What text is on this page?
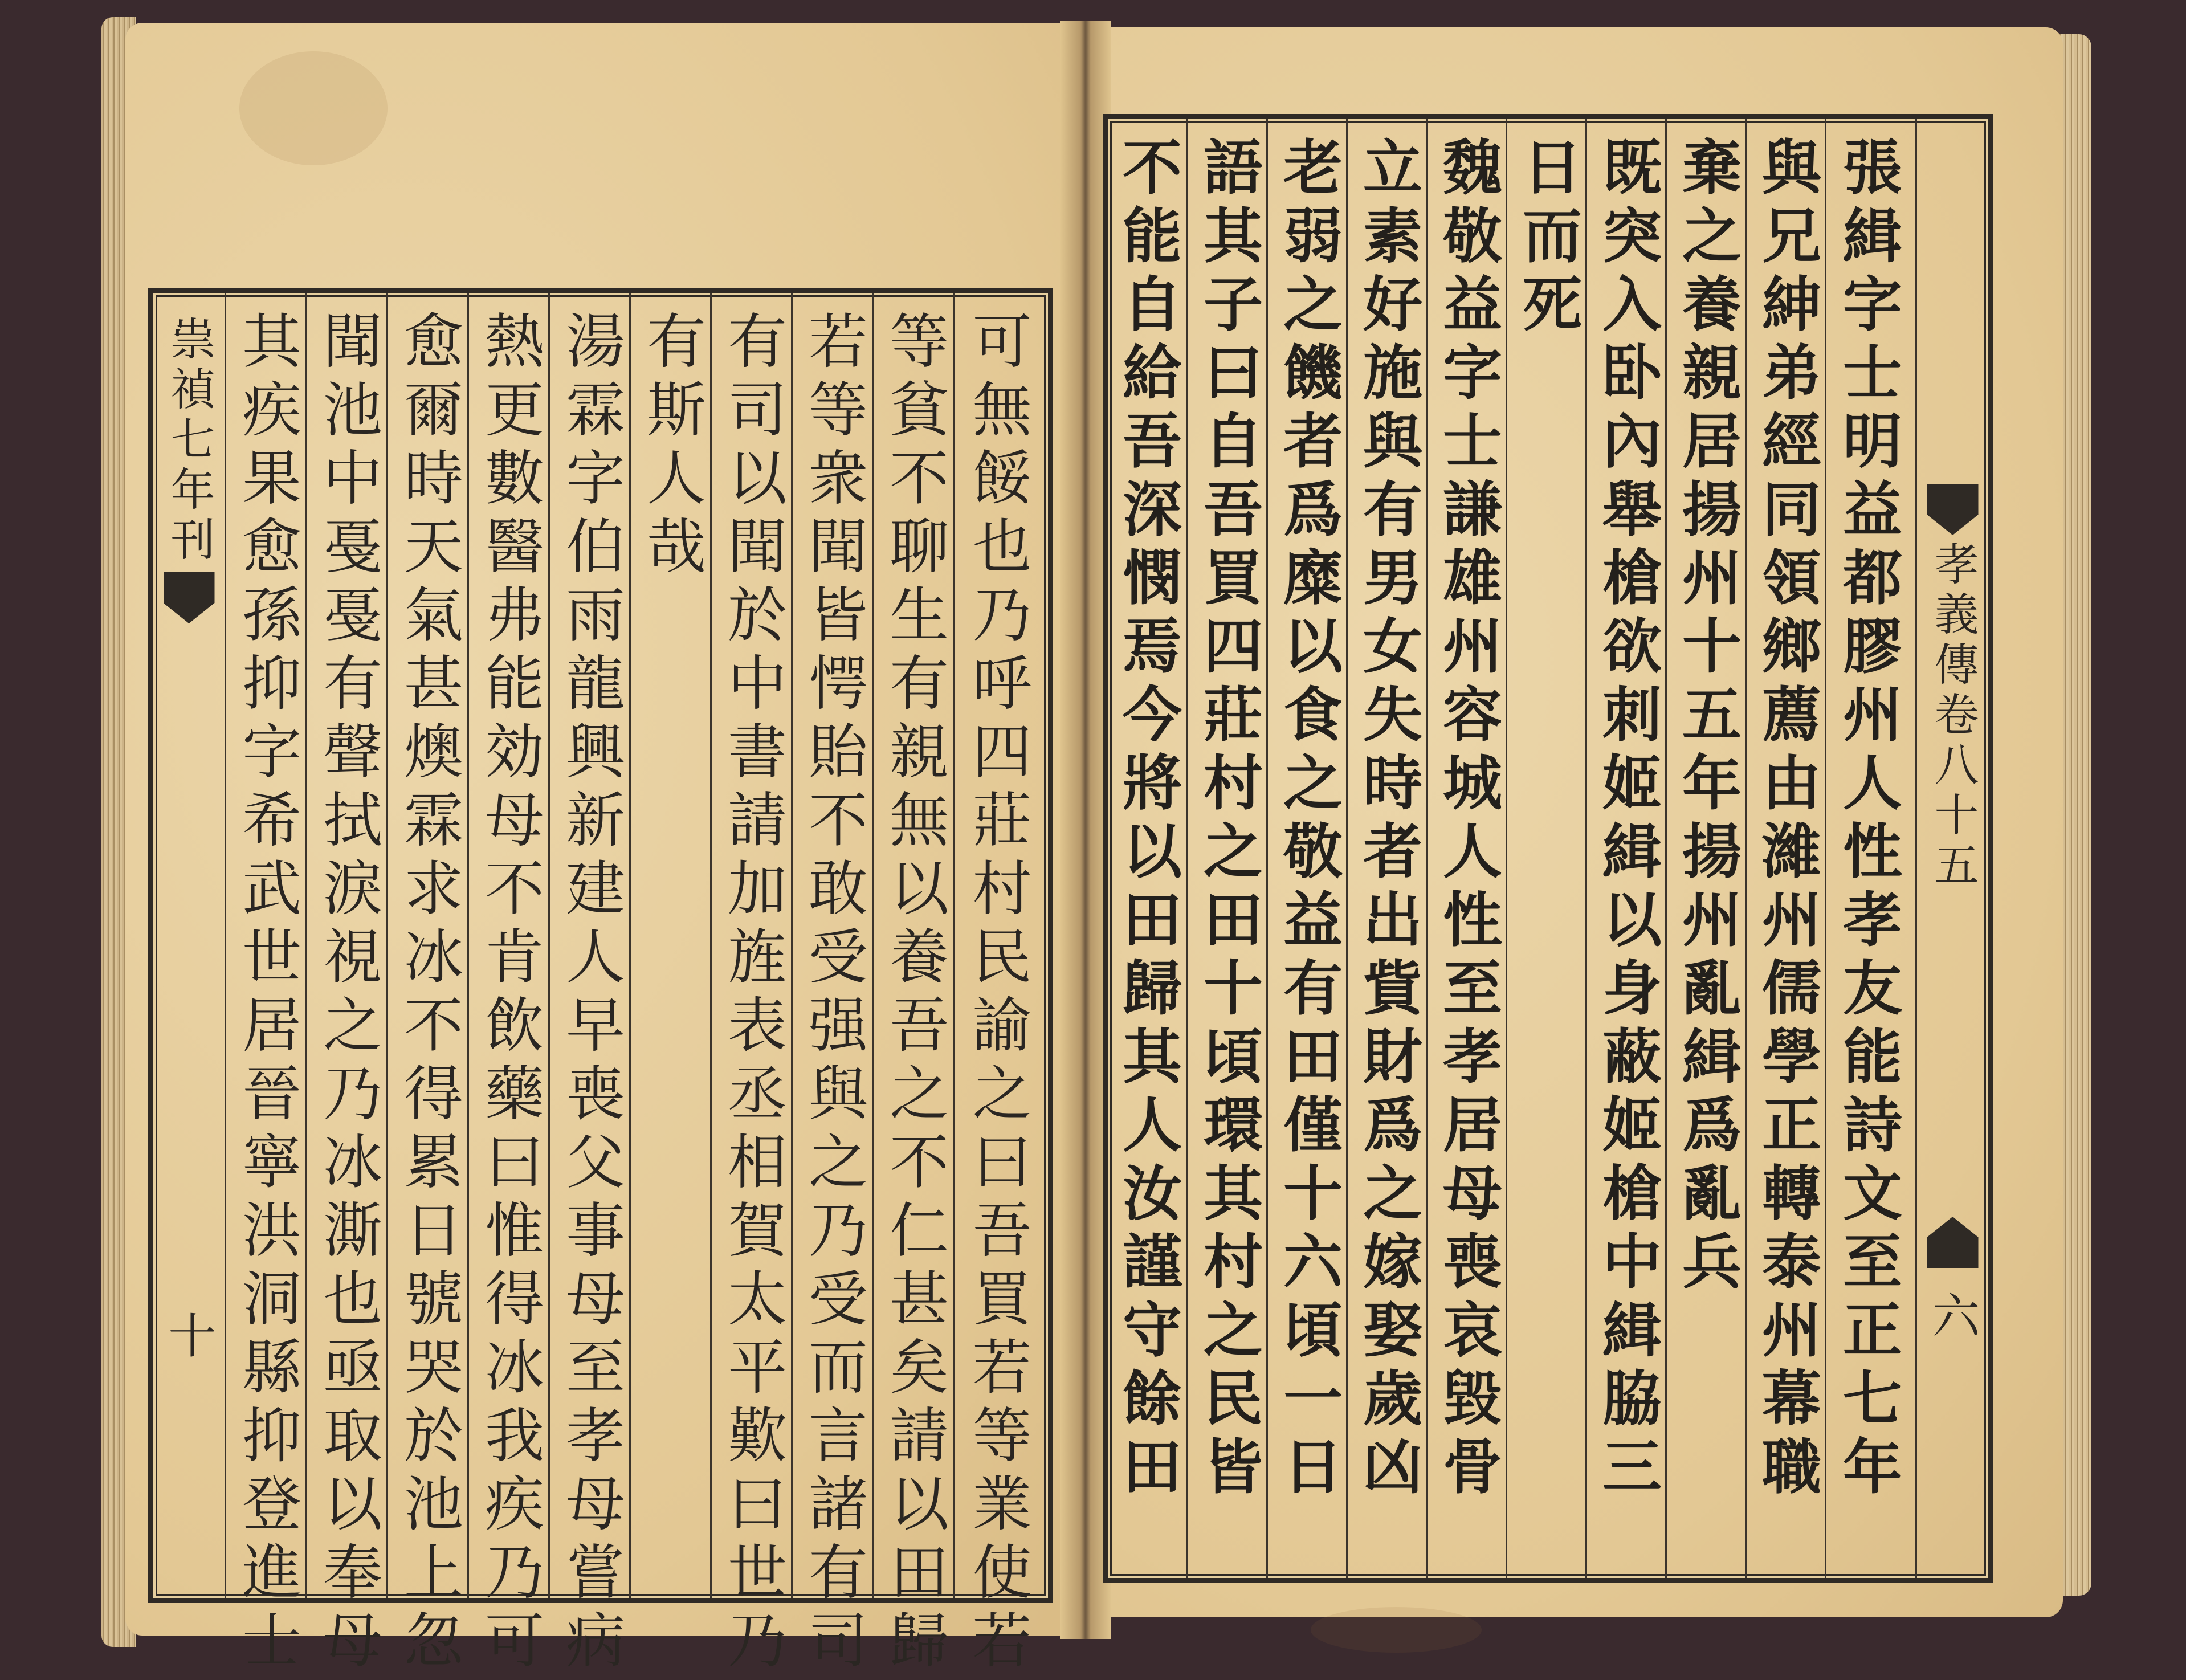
祟禎七年刊
十 其疾果愈孫抑字希武世居晉寧洪洞縣抑登進士 聞池中戞戞有聲拭淚視之乃冰澌也亟取以奉母 愈爾時天氣甚燠霖求冰不得累日號哭於池上忽 熱更數醫弗能効母不肯飲藥曰惟得冰我疾乃可 湯霖字伯雨龍興新建人早喪父事母至孝母嘗病 有斯人哉 有司以聞於中書請加旌表丞相賀太平歎曰世乃 若等衆聞皆愕貽不敢受强與之乃受而言諸有司 等貧不聊生有親無以養吾之不仁甚矣請以田歸 可無餒也乃呼四莊村民諭之曰吾買若等業使若 不能自給吾深憫焉今將以田歸其人汝謹守餘田 語其子曰自吾買四莊村之田十頃環其村之民皆 老弱之饑者爲糜以食之敬益有田僅十六頃一日 立素好施與有男女失時者出貲財爲之嫁娶歲凶 魏敬益字士謙雄州容城人性至孝居母喪哀毀骨 日而死 既突入卧內舉槍欲刺姬緝以身蔽姬槍中緝脇三 棄之養親居揚州十五年揚州亂緝爲亂兵 與兄紳弟經同領鄉薦由濰州儒學正轉泰州幕職 張緝字士明益都膠州人性孝友能詩文至正七年 孝義傳卷八十五
六
